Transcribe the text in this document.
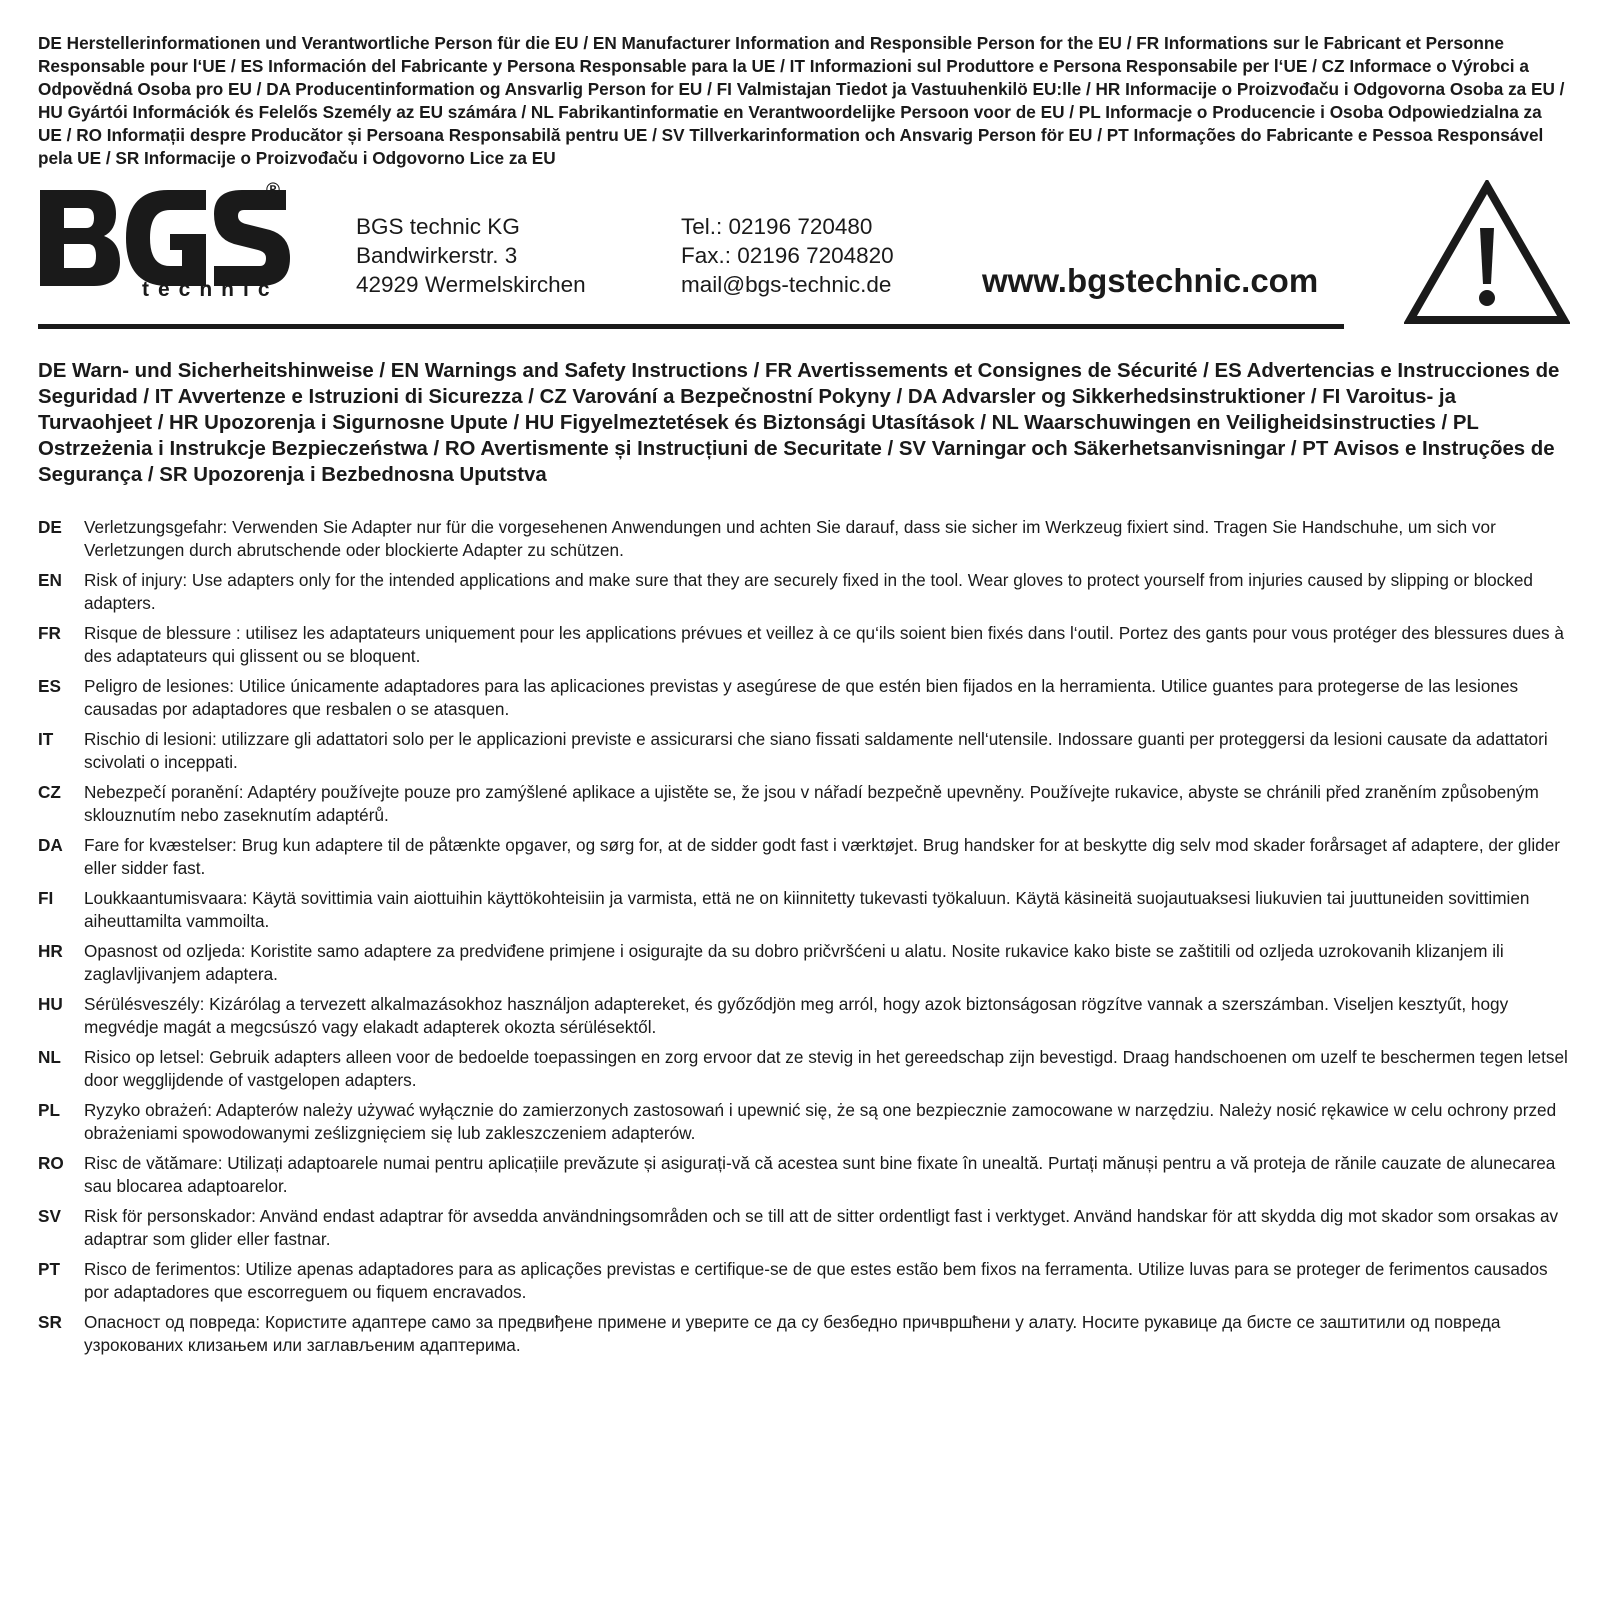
DE Herstellerinformationen und Verantwortliche Person für die EU / EN Manufacturer Information and Responsible Person for the EU / FR Informations sur le Fabricant et Personne Responsable pour l‘UE / ES Información del Fabricante y Persona Responsable para la UE / IT Informazioni sul Produttore e Persona Responsabile per l‘UE / CZ Informace o Výrobci a Odpovědná Osoba pro EU / DA Producentinformation og Ansvarlig Person for EU / FI Valmistajan Tiedot ja Vastuuhenkilö EU:lle / HR Informacije o Proizvođaču i Odgovorna Osoba za EU / HU Gyártói Információk és Felelős Személy az EU számára / NL Fabrikantinformatie en Verantwoordelijke Persoon voor de EU / PL Informacje o Producencie i Osoba Odpowiedzialna za UE / RO Informații despre Producător și Persoana Responsabilă pentru UE / SV Tillverkarinformation och Ansvarig Person för EU / PT Informações do Fabricante e Pessoa Responsável pela UE / SR Informacije o Proizvođaču i Odgovorno Lice za EU

®
technic
BGS technic KG
Bandwirkerstr. 3
42929 Wermelskirchen
Tel.: 02196 720480
Fax.: 02196 7204820
mail@bgs-technic.de	www.bgstechnic.com

DE Warn- und Sicherheitshinweise / EN Warnings and Safety Instructions / FR Avertissements et Consignes de Sécurité / ES Advertencias e Instrucciones de Seguridad / IT Avvertenze e Istruzioni di Sicurezza / CZ Varování a Bezpečnostní Pokyny / DA Advarsler og Sikkerhedsinstruktioner / FI Varoitus- ja Turvaohjeet / HR Upozorenja i Sigurnosne Upute / HU Figyelmeztetések és Biztonsági Utasítások / NL Waarschuwingen en Veiligheidsinstructies / PL Ostrzeżenia i Instrukcje Bezpieczeństwa / RO Avertismente și Instrucțiuni de Securitate / SV Varningar och Säkerhetsanvisningar / PT Avisos e Instruções de Segurança / SR Upozorenja i Bezbednosna Uputstva

DE	Verletzungsgefahr: Verwenden Sie Adapter nur für die vorgesehenen Anwendungen und achten Sie darauf, dass sie sicher im Werkzeug fixiert sind. Tragen Sie Handschuhe, um sich vor Verletzungen durch abrutschende oder blockierte Adapter zu schützen.
EN	Risk of injury: Use adapters only for the intended applications and make sure that they are securely fixed in the tool. Wear gloves to protect yourself from injuries caused by slipping or blocked adapters.
FR	Risque de blessure : utilisez les adaptateurs uniquement pour les applications prévues et veillez à ce qu‘ils soient bien fixés dans l‘outil. Portez des gants pour vous protéger des blessures dues à des adaptateurs qui glissent ou se bloquent.
ES	Peligro de lesiones: Utilice únicamente adaptadores para las aplicaciones previstas y asegúrese de que estén bien fijados en la herramienta. Utilice guantes para protegerse de las lesiones causadas por adaptadores que resbalen o se atasquen.
IT	Rischio di lesioni: utilizzare gli adattatori solo per le applicazioni previste e assicurarsi che siano fissati saldamente nell‘utensile. Indossare guanti per proteggersi da lesioni causate da adattatori scivolati o inceppati.
CZ	Nebezpečí poranění: Adaptéry používejte pouze pro zamýšlené aplikace a ujistěte se, že jsou v nářadí bezpečně upevněny. Používejte rukavice, abyste se chránili před zraněním způsobeným sklouznutím nebo zaseknutím adaptérů.
DA	Fare for kvæstelser: Brug kun adaptere til de påtænkte opgaver, og sørg for, at de sidder godt fast i værktøjet. Brug handsker for at beskytte dig selv mod skader forårsaget af adaptere, der glider eller sidder fast.
FI	Loukkaantumisvaara: Käytä sovittimia vain aiottuihin käyttökohteisiin ja varmista, että ne on kiinnitetty tukevasti työkaluun. Käytä käsineitä suojautuaksesi liukuvien tai juuttuneiden sovittimien aiheuttamilta vammoilta.
HR	Opasnost od ozljeda: Koristite samo adaptere za predviđene primjene i osigurajte da su dobro pričvršćeni u alatu. Nosite rukavice kako biste se zaštitili od ozljeda uzrokovanih klizanjem ili zaglavljivanjem adaptera.
HU	Sérülésveszély: Kizárólag a tervezett alkalmazásokhoz használjon adaptereket, és győződjön meg arról, hogy azok biztonságosan rögzítve vannak a szerszámban. Viseljen kesztyűt, hogy megvédje magát a megcsúszó vagy elakadt adapterek okozta sérülésektől.
NL	Risico op letsel: Gebruik adapters alleen voor de bedoelde toepassingen en zorg ervoor dat ze stevig in het gereedschap zijn bevestigd. Draag handschoenen om uzelf te beschermen tegen letsel door wegglijdende of vastgelopen adapters.
PL	Ryzyko obrażeń: Adapterów należy używać wyłącznie do zamierzonych zastosowań i upewnić się, że są one bezpiecznie zamocowane w narzędziu. Należy nosić rękawice w celu ochrony przed obrażeniami spowodowanymi ześlizgnięciem się lub zakleszczeniem adapterów.
RO	Risc de vătămare: Utilizați adaptoarele numai pentru aplicațiile prevăzute și asigurați-vă că acestea sunt bine fixate în unealtă. Purtați mănuși pentru a vă proteja de rănile cauzate de alunecarea sau blocarea adaptoarelor.
SV	Risk för personskador: Använd endast adaptrar för avsedda användningsområden och se till att de sitter ordentligt fast i verktyget. Använd handskar för att skydda dig mot skador som orsakas av adaptrar som glider eller fastnar.
PT	Risco de ferimentos: Utilize apenas adaptadores para as aplicações previstas e certifique-se de que estes estão bem fixos na ferramenta. Utilize luvas para se proteger de ferimentos causados por adaptadores que escorreguem ou fiquem encravados.
SR	Опасност од повреда: Користите адаптере само за предвиђене примене и уверите се да су безбедно причвршћени у алату. Носите рукавице да бисте се заштитили од повреда узрокованих клизањем или заглављеним адаптерима.
